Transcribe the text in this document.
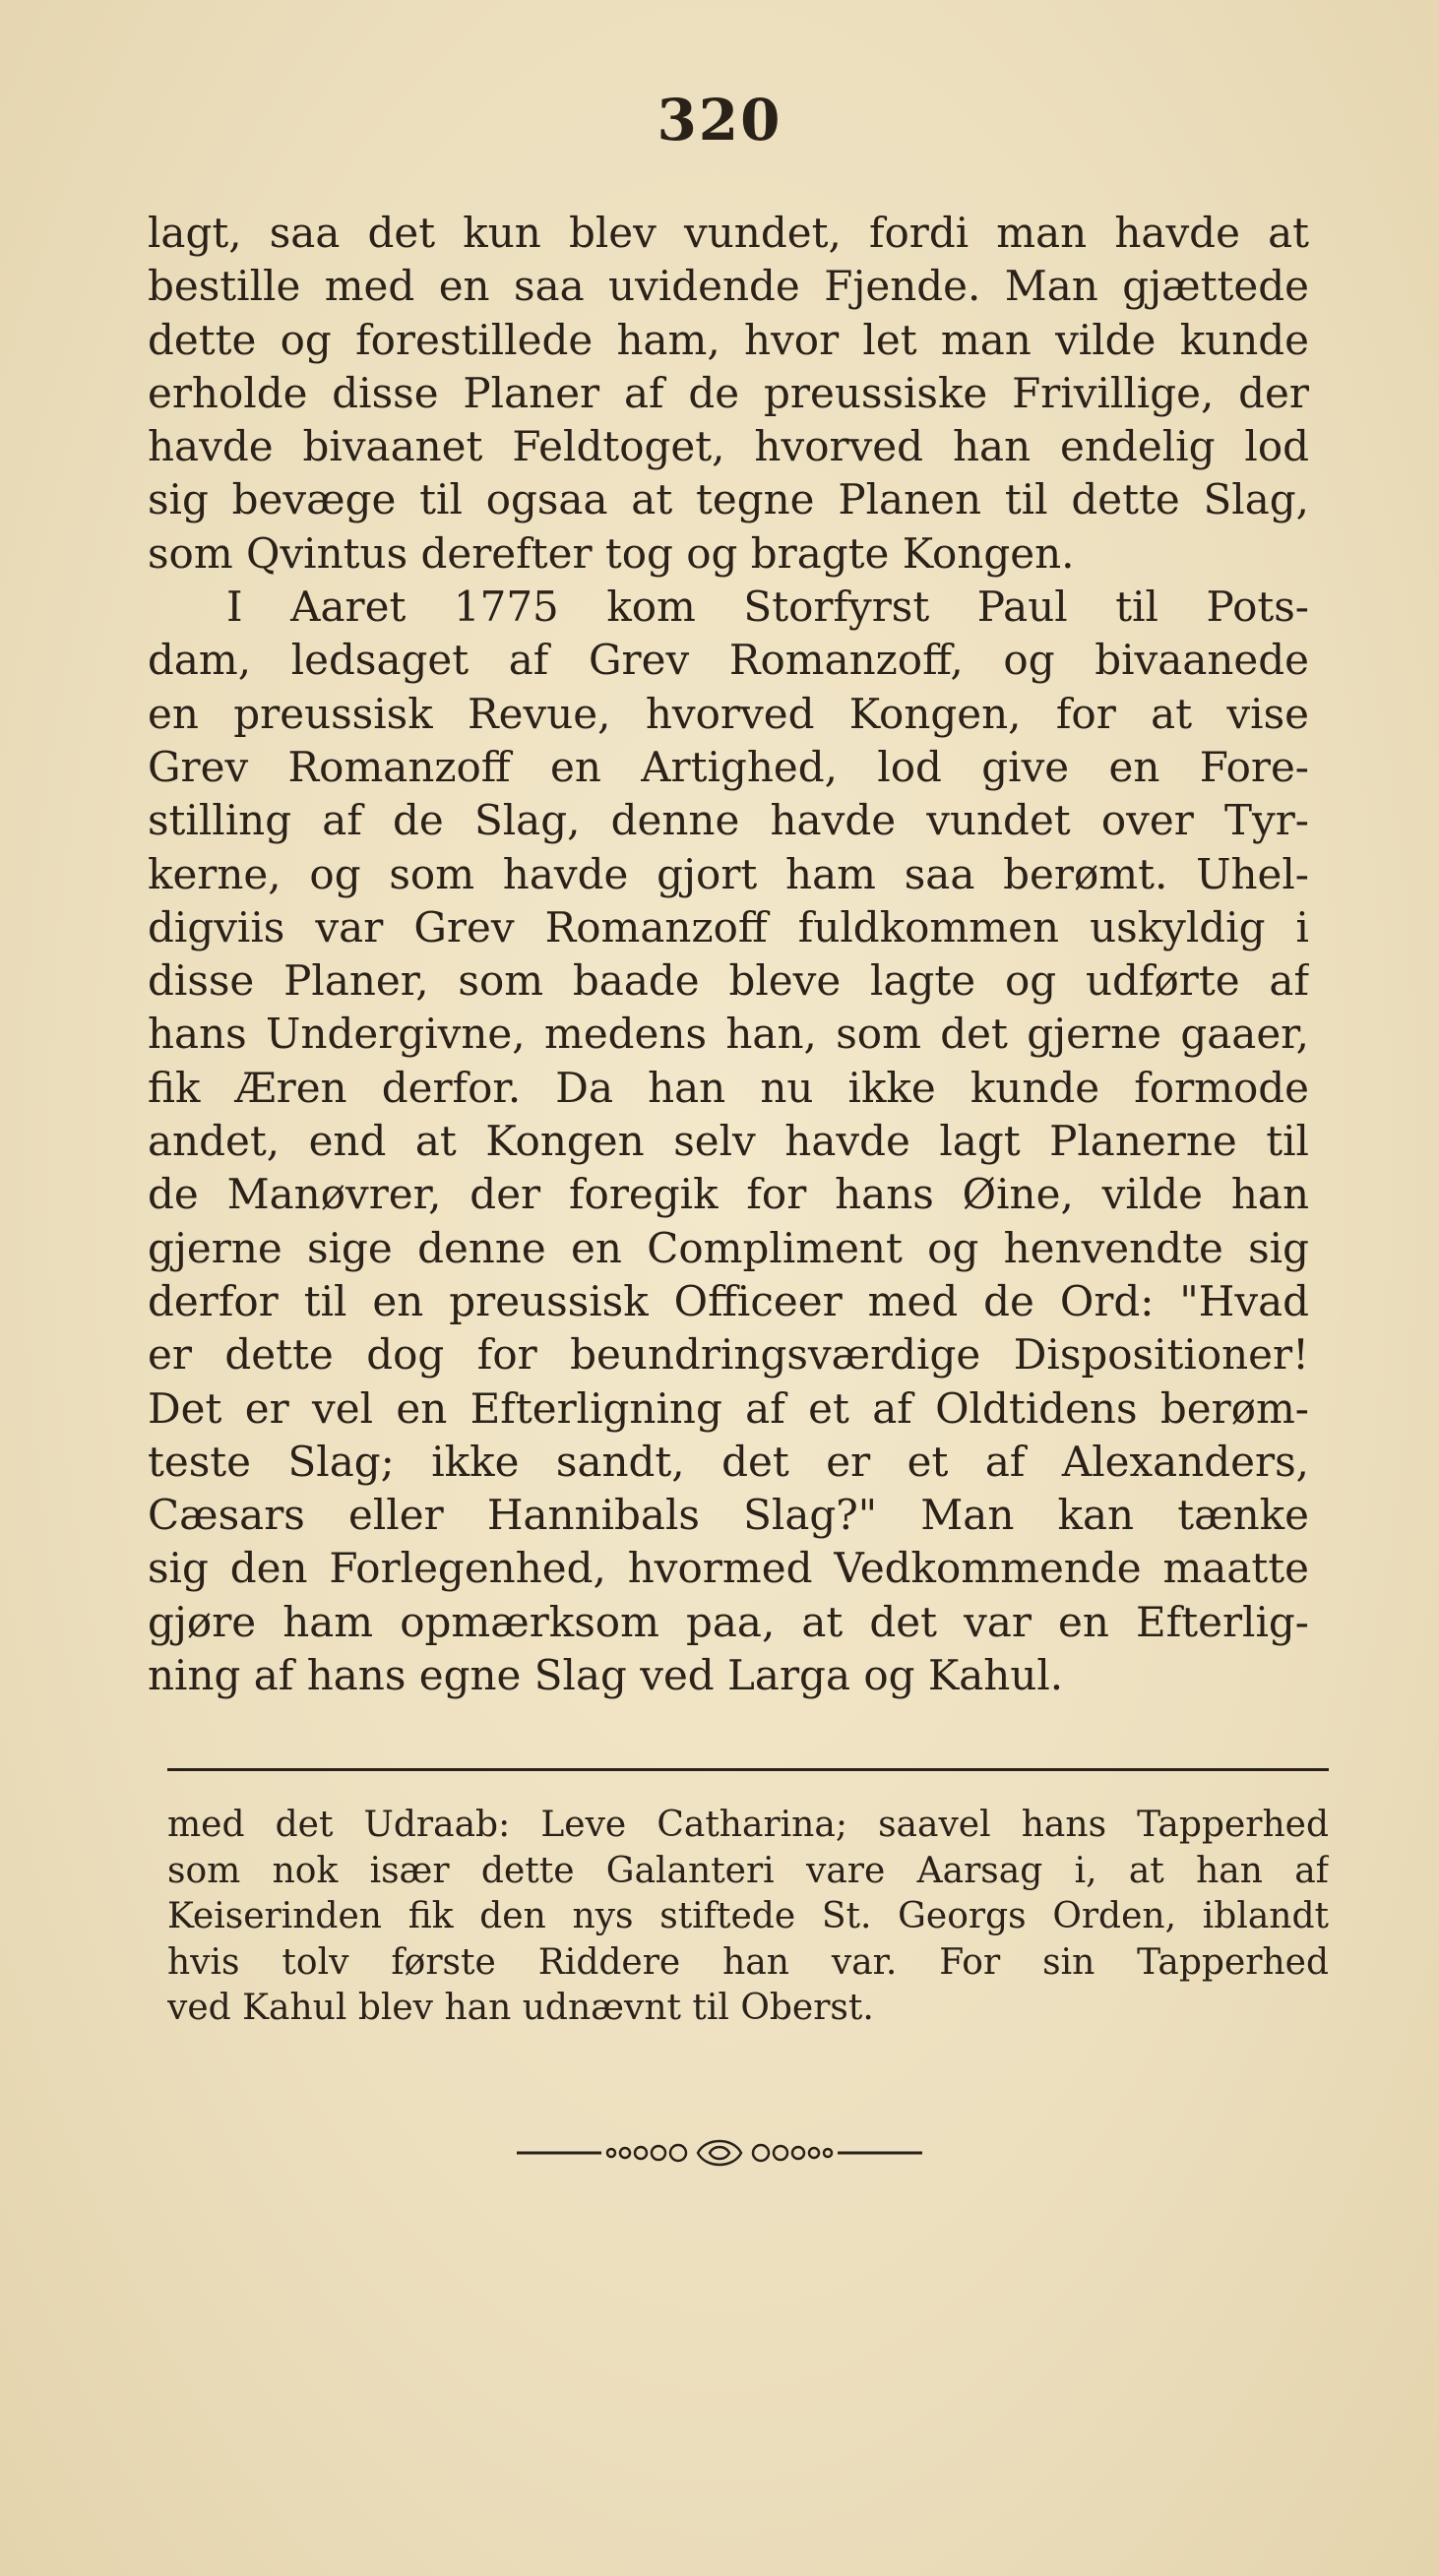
320
lagt, saa det kun blev vundet, fordi man havde at
bestille med en saa uvidende Fjende. Man gjættede
dette og forestillede ham, hvor let man vilde kunde
erholde disse Planer af de preussiske Frivillige, der
havde bivaanet Feldtoget, hvorved han endelig lod
sig bevæge til ogsaa at tegne Planen til dette Slag,
som Qvintus derefter tog og bragte Kongen.
I Aaret 1775 kom Storfyrst Paul til Pots-
dam, ledsaget af Grev Romanzoff, og bivaanede
en preussisk Revue, hvorved Kongen, for at vise
Grev Romanzoff en Artighed, lod give en Fore-
stilling af de Slag, denne havde vundet over Tyr-
kerne, og som havde gjort ham saa berømt. Uhel-
digviis var Grev Romanzoff fuldkommen uskyldig i
disse Planer, som baade bleve lagte og udførte af
hans Undergivne, medens han, som det gjerne gaaer,
fik Æren derfor. Da han nu ikke kunde formode
andet, end at Kongen selv havde lagt Planerne til
de Manøvrer, der foregik for hans Øine, vilde han
gjerne sige denne en Compliment og henvendte sig
derfor til en preussisk Officeer med de Ord: "Hvad
er dette dog for beundringsværdige Dispositioner!
Det er vel en Efterligning af et af Oldtidens berøm-
teste Slag; ikke sandt, det er et af Alexanders,
Cæsars eller Hannibals Slag?" Man kan tænke
sig den Forlegenhed, hvormed Vedkommende maatte
gjøre ham opmærksom paa, at det var en Efterlig-
ning af hans egne Slag ved Larga og Kahul.
med det Udraab: Leve Catharina; saavel hans Tapperhed
som nok især dette Galanteri vare Aarsag i, at han af
Keiserinden fik den nys stiftede St. Georgs Orden, iblandt
hvis tolv første Riddere han var. For sin Tapperhed
ved Kahul blev han udnævnt til Oberst.
